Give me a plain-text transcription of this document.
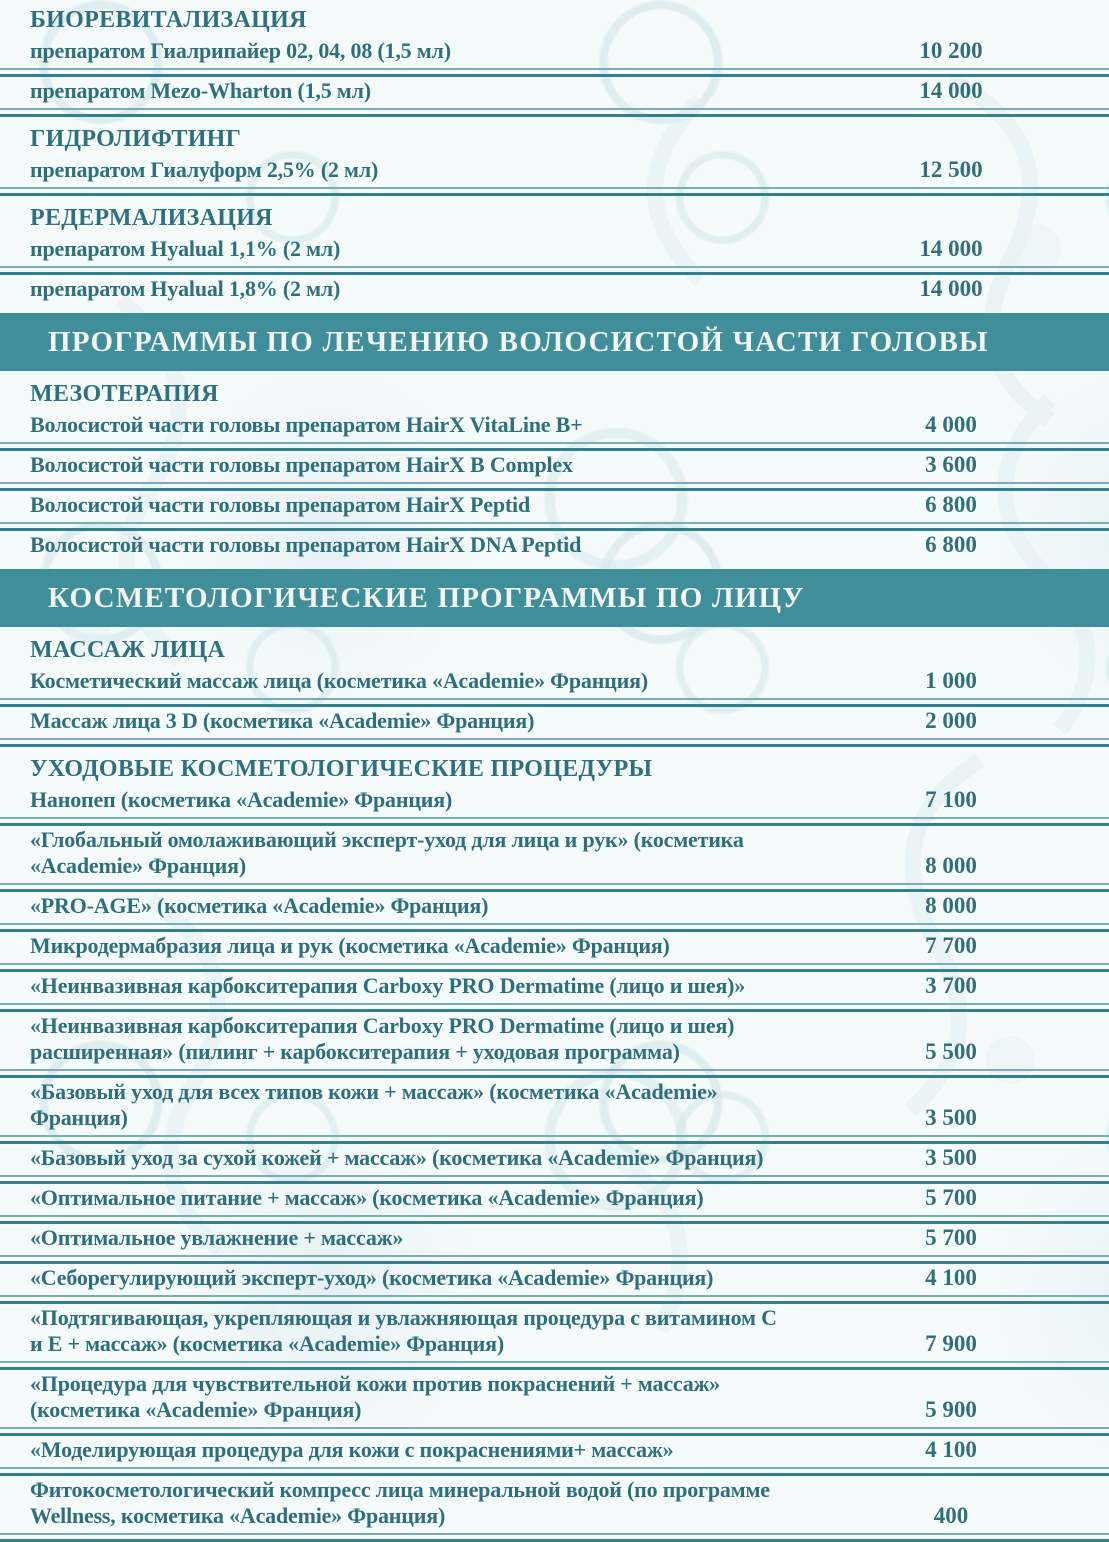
БИОРЕВИТАЛИЗАЦИЯ
препаратом Гиалрипайер 02, 04, 08 (1,5 мл)	10 200
препаратом Mezo-Wharton (1,5 мл)	14 000
ГИДРОЛИФТИНГ
препаратом Гиалуформ 2,5% (2 мл)	12 500
РЕДЕРМАЛИЗАЦИЯ
препаратом Hyalual 1,1% (2 мл)	14 000
препаратом Hyalual 1,8% (2 мл)	14 000
ПРОГРАММЫ ПО ЛЕЧЕНИЮ ВОЛОСИСТОЙ ЧАСТИ ГОЛОВЫ
МЕЗОТЕРАПИЯ
Волосистой части головы препаратом HairX VitaLine B+	4 000
Волосистой части головы препаратом HairX B Complex	3 600
Волосистой части головы препаратом HairX Peptid	6 800
Волосистой части головы препаратом HairX DNA Peptid	6 800
КОСМЕТОЛОГИЧЕСКИЕ ПРОГРАММЫ ПО ЛИЦУ
МАССАЖ ЛИЦА
Косметический массаж лица (косметика «Academie» Франция)	1 000
Массаж лица 3 D (косметика «Academie» Франция)	2 000
УХОДОВЫЕ КОСМЕТОЛОГИЧЕСКИЕ ПРОЦЕДУРЫ
Нанопеп (косметика «Academie» Франция)	7 100
«Глобальный омолаживающий эксперт-уход для лица и рук» (косметика «Academie» Франция)	8 000
«PRO-AGE» (косметика «Academie» Франция)	8 000
Микродермабразия лица и рук (косметика «Academie» Франция)	7 700
«Неинвазивная карбокситерапия Carboxy PRO Dermatime (лицо и шея)»	3 700
«Неинвазивная карбокситерапия Carboxy PRO Dermatime (лицо и шея) расширенная» (пилинг + карбокситерапия + уходовая программа)	5 500
«Базовый уход для всех типов кожи + массаж» (косметика «Academie» Франция)	3 500
«Базовый уход за сухой кожей + массаж» (косметика «Academie» Франция)	3 500
«Оптимальное питание + массаж» (косметика «Academie» Франция)	5 700
«Оптимальное увлажнение + массаж»	5 700
«Себорегулирующий эксперт-уход» (косметика «Academie» Франция)	4 100
«Подтягивающая, укрепляющая и увлажняющая процедура с витамином C и E + массаж» (косметика «Academie» Франция)	7 900
«Процедура для чувствительной кожи против покраснений + массаж» (косметика «Academie» Франция)	5 900
«Моделирующая процедура для кожи с покраснениями+ массаж»	4 100
Фитокосметологический компресс лица минеральной водой (по программе Wellness, косметика «Academie» Франция)	400
